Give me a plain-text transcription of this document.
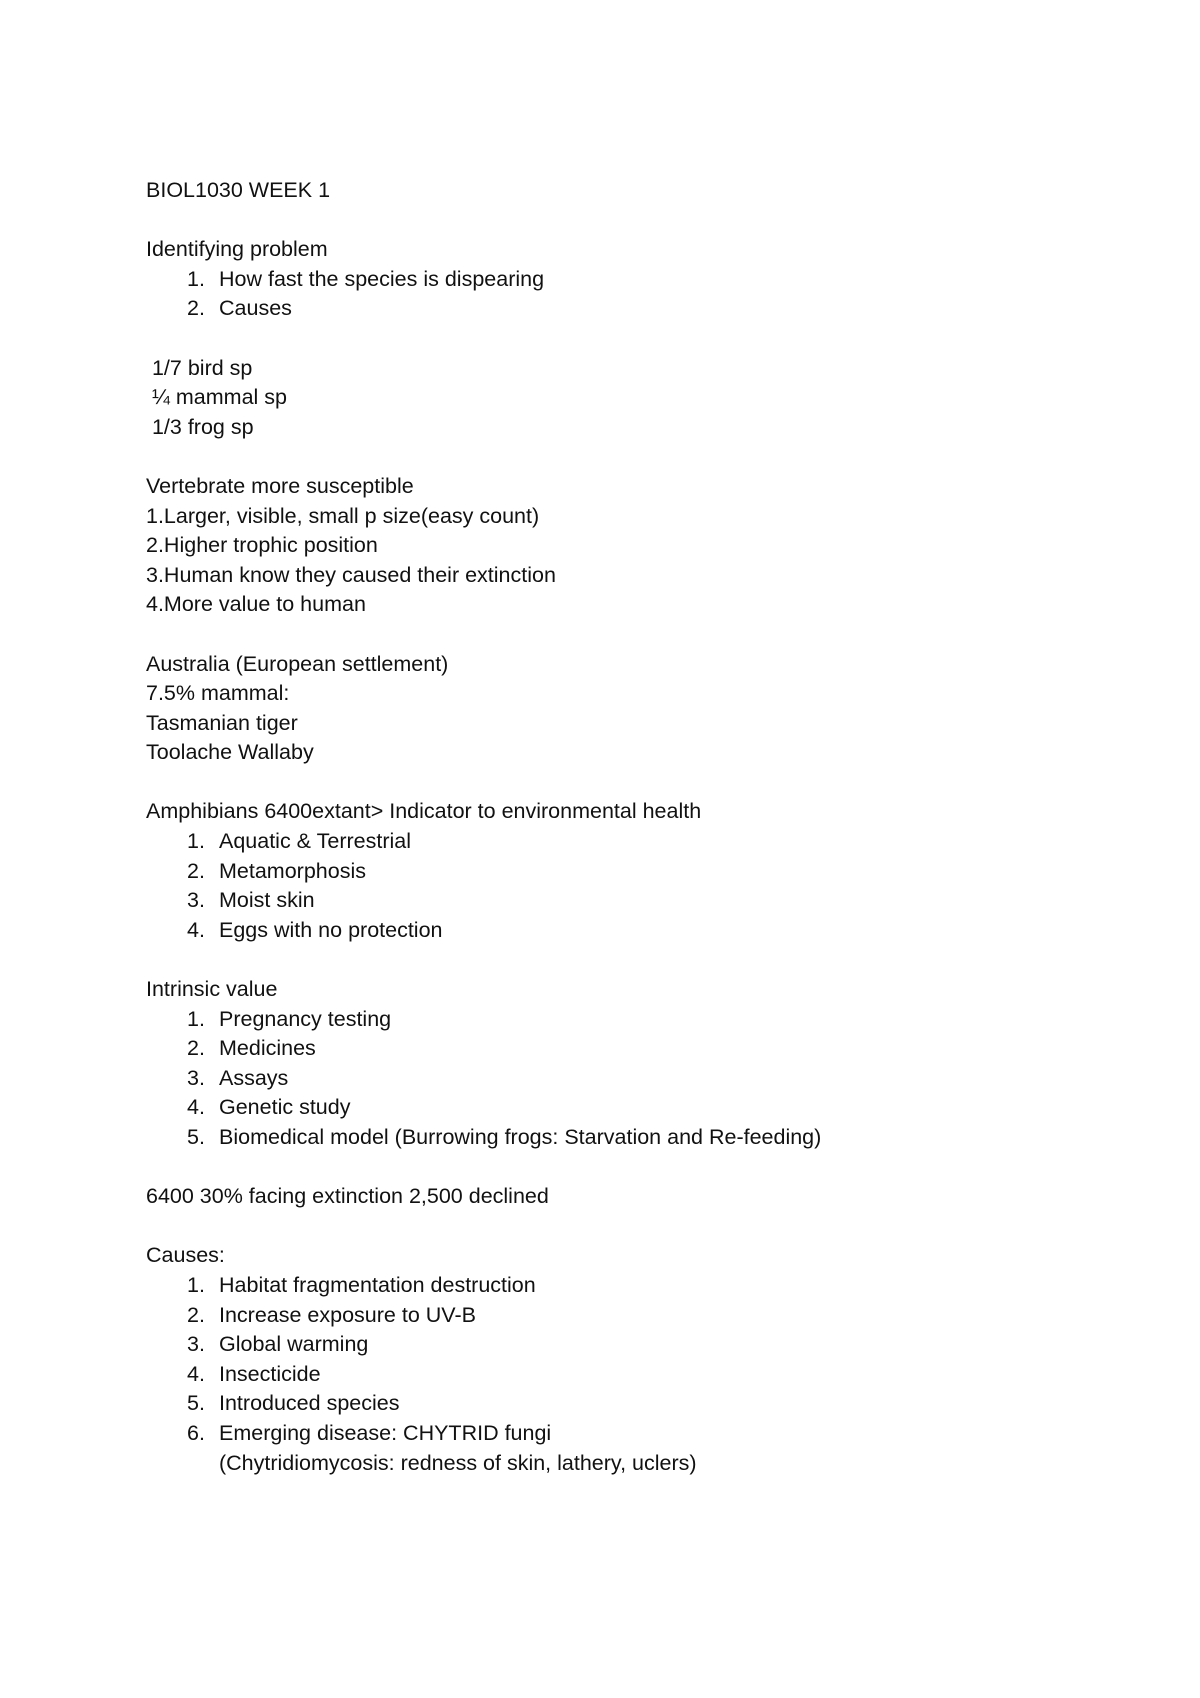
BIOL1030 WEEK 1
Identifying problem
1. How fast the species is dispearing
2. Causes
1/7 bird sp
¼ mammal sp
1/3 frog sp
Vertebrate more susceptible
1.Larger, visible, small p size(easy count)
2.Higher trophic position
3.Human know they caused their extinction
4.More value to human
Australia (European settlement)
7.5% mammal:
Tasmanian tiger
Toolache Wallaby
Amphibians 6400extant> Indicator to environmental health
1. Aquatic & Terrestrial
2. Metamorphosis
3. Moist skin
4. Eggs with no protection
Intrinsic value
1. Pregnancy testing
2. Medicines
3. Assays
4. Genetic study
5. Biomedical model (Burrowing frogs: Starvation and Re-feeding)
6400 30% facing extinction 2,500 declined
Causes:
1. Habitat fragmentation destruction
2. Increase exposure to UV-B
3. Global warming
4. Insecticide
5. Introduced species
6. Emerging disease: CHYTRID fungi
(Chytridiomycosis: redness of skin, lathery, uclers)
